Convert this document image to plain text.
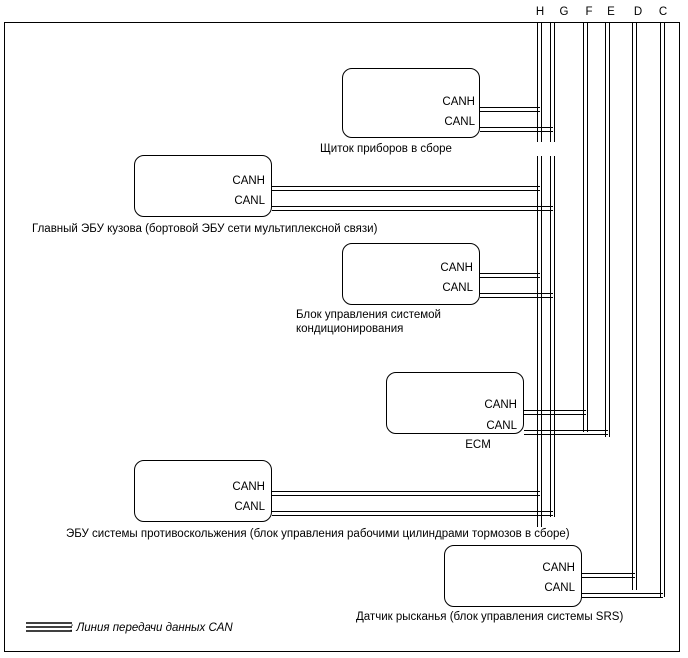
H G	F	E D C
CANH
CANL
Щиток приборов в сборе
CANH
CANL
Главный ЭБУ кузова (бортовой ЭБУ сети мультиплексной связи)
CANH
CANL
Блок управления системой кондиционирования
CANH
CANL
ECM
CANH
CANL
ЭБУ системы противоскольжения (блок управления рабочими цилиндрами тормозов в сборе)
CANH
CANL
Датчик рысканья (блок управления системы SRS)
: Линия передачи данных CAN
